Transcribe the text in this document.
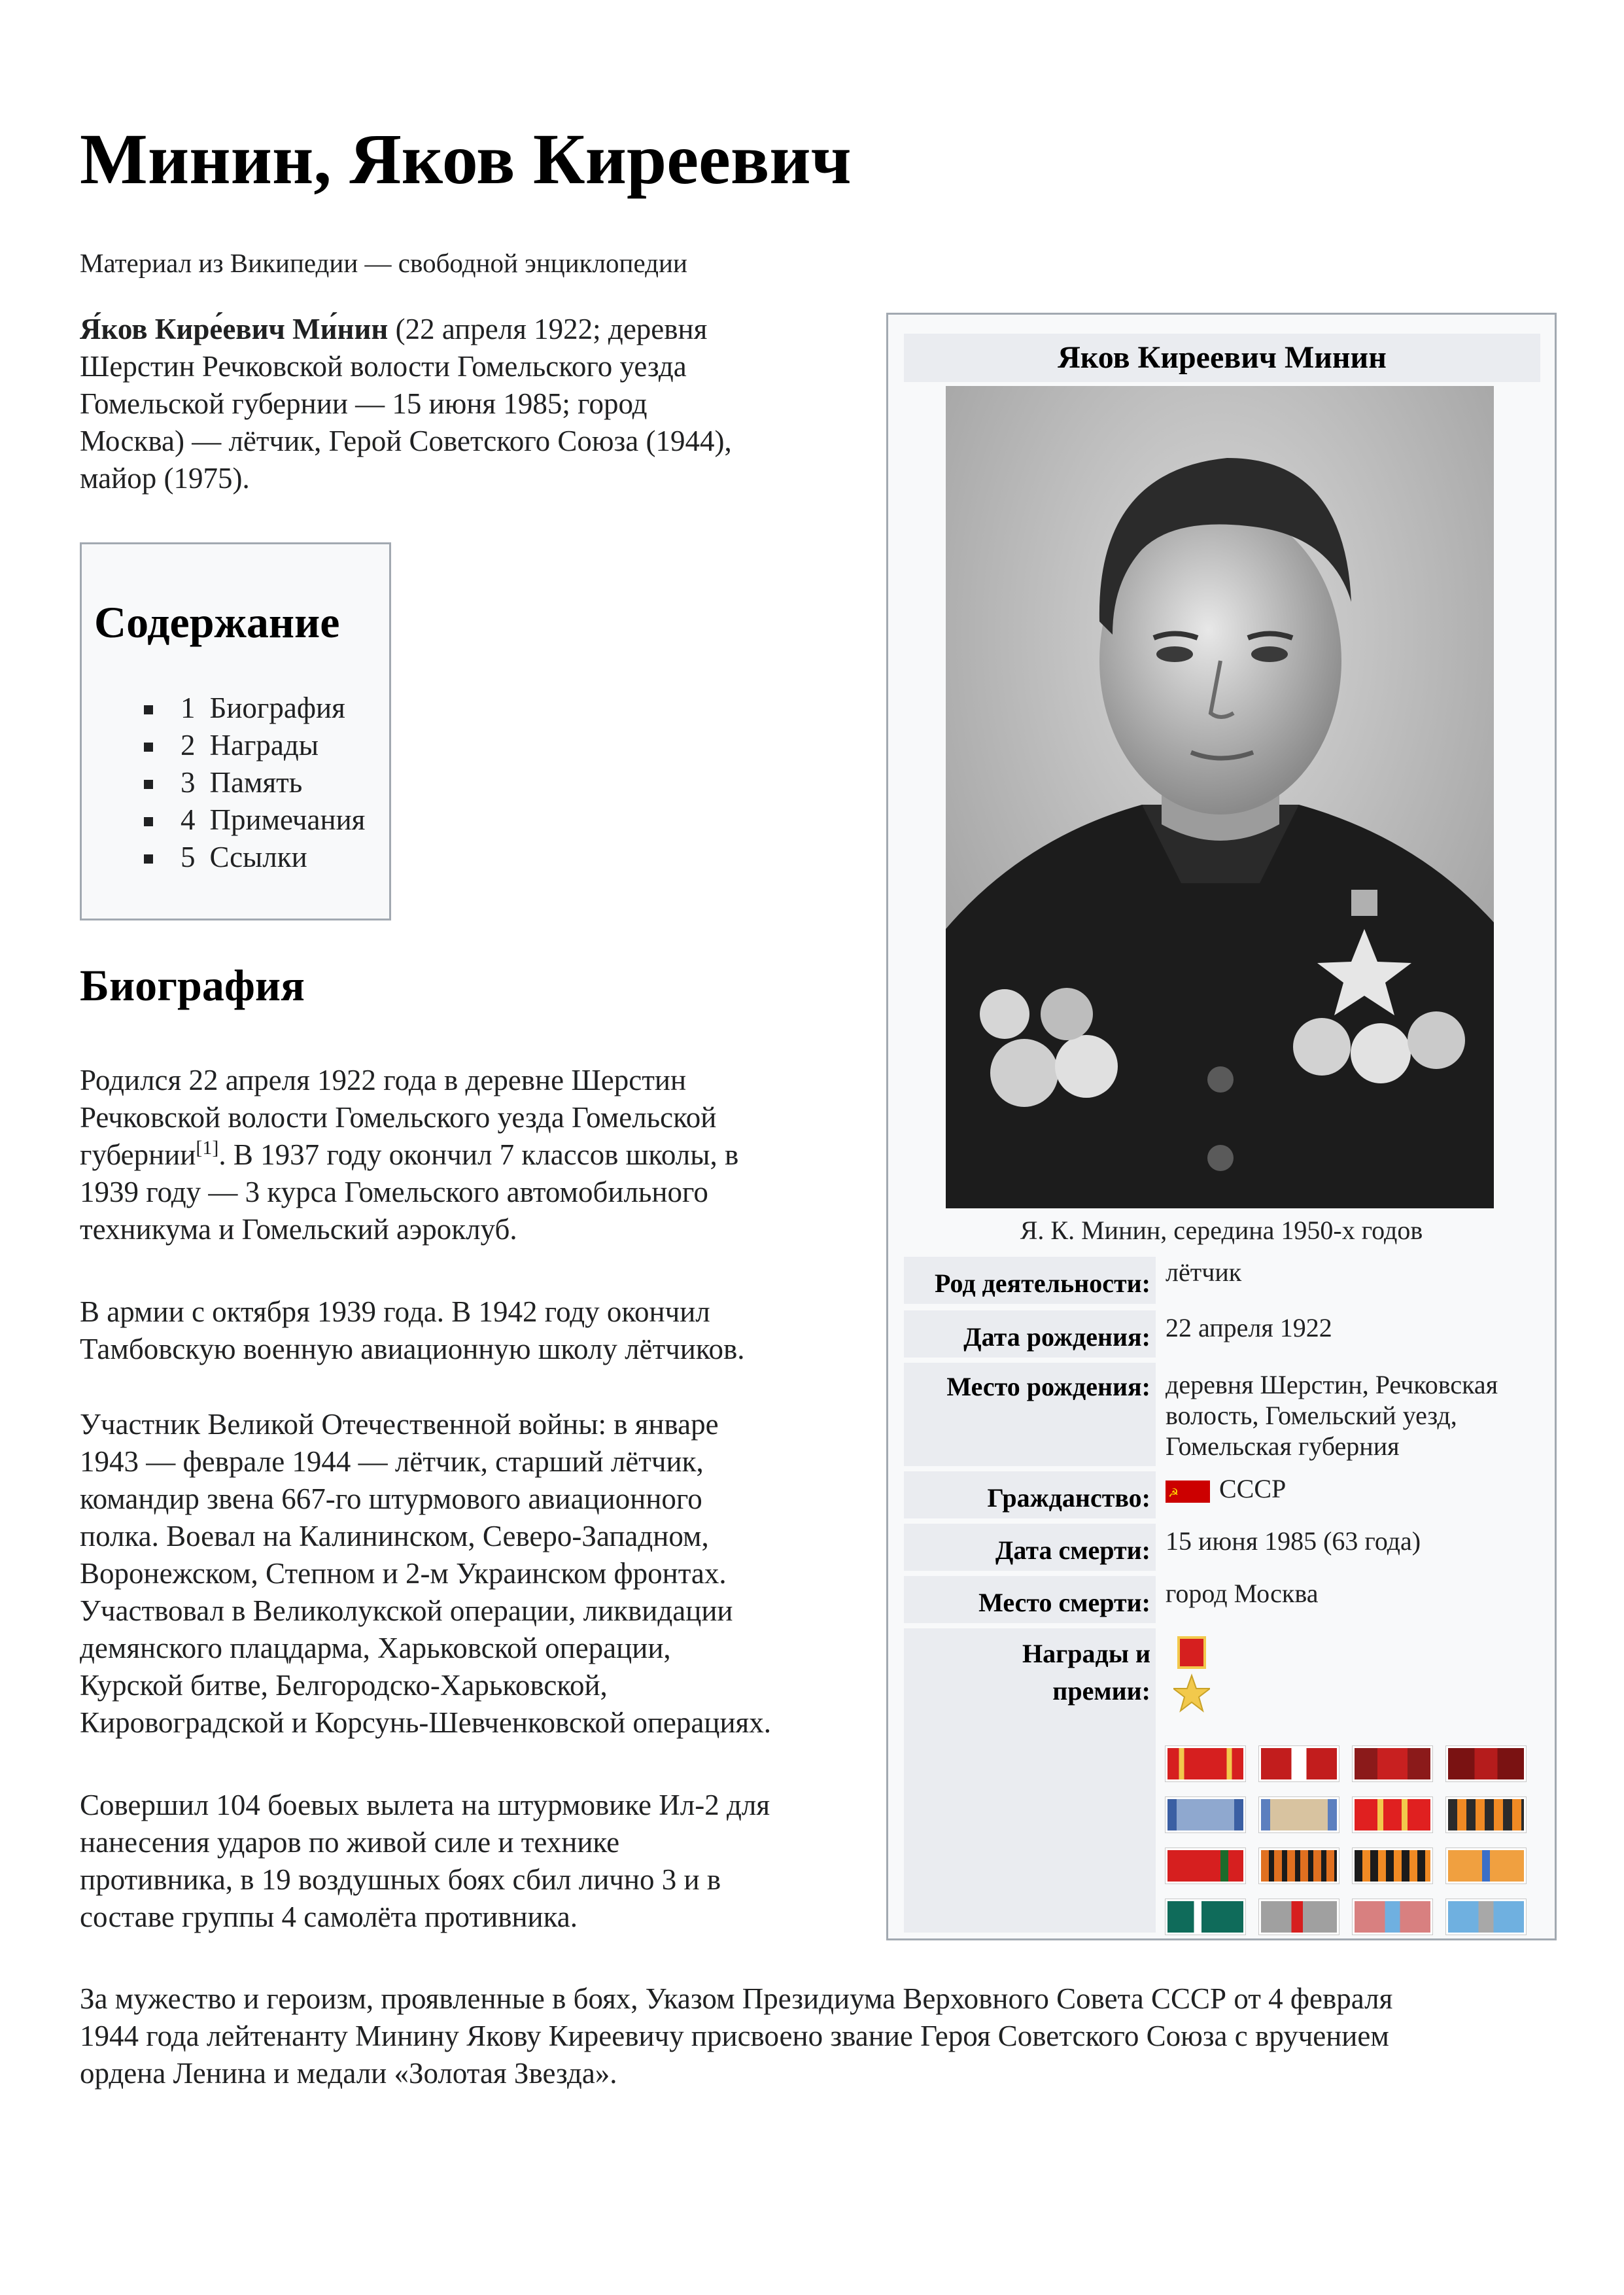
Минин, Яков Киреевич

Материал из Википедии — свободной энциклопедии

Я́ков Кире́евич Ми́нин (22 апреля 1922; деревня
Шерстин Речковской волости Гомельского уезда
Гомельской губернии — 15 июня 1985; город
Москва) — лётчик, Герой Советского Союза (1944),
майор (1975).

Содержание

1 Биография
2 Награды
3 Память
4 Примечания
5 Ссылки
Биография

Родился 22 апреля 1922 года в деревне Шерстин
Речковской волости Гомельского уезда Гомельской
губернии[1]. В 1937 году окончил 7 классов школы, в
1939 году — 3 курса Гомельского автомобильного
техникума и Гомельский аэроклуб.

В армии с октября 1939 года. В 1942 году окончил
Тамбовскую военную авиационную школу лётчиков.

Участник Великой Отечественной войны: в январе
1943 — феврале 1944 — лётчик, старший лётчик,
командир звена 667-го штурмового авиационного
полка. Воевал на Калининском, Северо-Западном,
Воронежском, Степном и 2-м Украинском фронтах.
Участвовал в Великолукской операции, ликвидации
демянского плацдарма, Харьковской операции,
Курской битве, Белгородско-Харьковской,
Кировоградской и Корсунь-Шевченковской операциях.

Совершил 104 боевых вылета на штурмовике Ил-2 для
нанесения ударов по живой силе и технике
противника, в 19 воздушных боях сбил лично 3 и в
составе группы 4 самолёта противника.

За мужество и героизм, проявленные в боях, Указом Президиума Верховного Совета СССР от 4 февраля
1944 года лейтенанту Минину Якову Киреевичу присвоено звание Героя Советского Союза с вручением
ордена Ленина и медали «Золотая Звезда».

Яков Киреевич Минин
Я. К. Минин, середина 1950-х годов
Род деятельности: лётчик
Дата рождения: 22 апреля 1922
Место рождения: деревня Шерстин, Речковская
волость, Гомельский уезд,
Гомельская губерния
Гражданство:
☭	СССР
Дата смерти: 15 июня 1985 (63 года)
Место смерти: город Москва
Награды и
премии:
